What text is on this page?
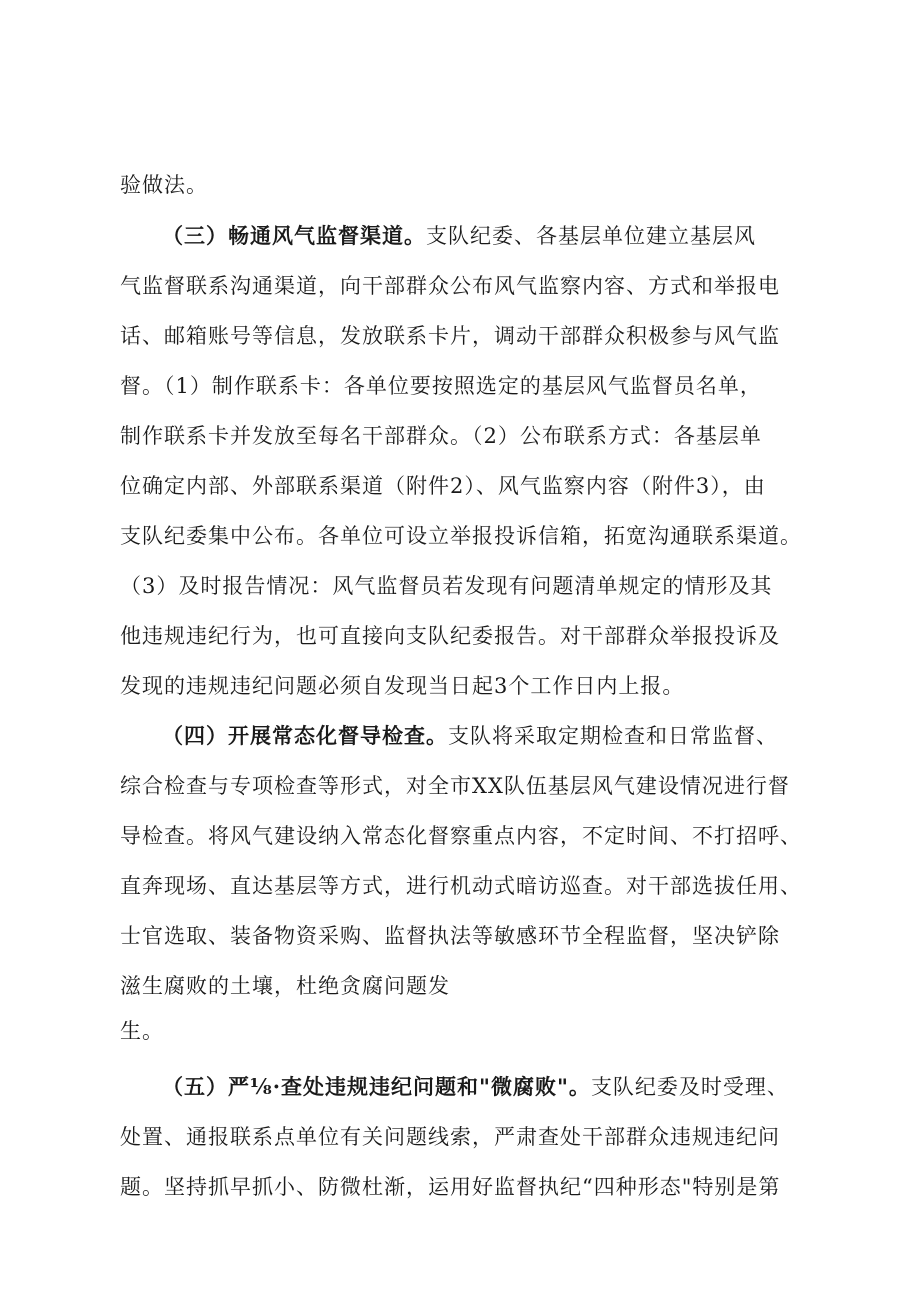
验做法。
（三）畅通风气监督渠道。支队纪委、各基层单位建立基层风
气监督联系沟通渠道，向干部群众公布风气监察内容、方式和举报电
话、邮箱账号等信息，发放联系卡片，调动干部群众积极参与风气监
督。（1）制作联系卡：各单位要按照选定的基层风气监督员名单，
制作联系卡并发放至每名干部群众。（2）公布联系方式：各基层单
位确定内部、外部联系渠道（附件2）、风气监察内容（附件3），由
支队纪委集中公布。各单位可设立举报投诉信箱，拓宽沟通联系渠道。
（3）及时报告情况：风气监督员若发现有问题清单规定的情形及其
他违规违纪行为，也可直接向支队纪委报告。对干部群众举报投诉及
发现的违规违纪问题必须自发现当日起3个工作日内上报。
（四）开展常态化督导检查。支队将采取定期检查和日常监督、
综合检查与专项检查等形式，对全市XX队伍基层风气建设情况进行督
导检查。将风气建设纳入常态化督察重点内容，不定时间、不打招呼、
直奔现场、直达基层等方式，进行机动式暗访巡查。对干部选拔任用、
士官选取、装备物资采购、监督执法等敏感环节全程监督，坚决铲除
滋生腐败的土壤，杜绝贪腐问题发
生。
（五）严⅛·查处违规违纪问题和"微腐败"。支队纪委及时受理、
处置、通报联系点单位有关问题线索，严肃查处干部群众违规违纪问
题。坚持抓早抓小、防微杜渐，运用好监督执纪“四种形态"特别是第
